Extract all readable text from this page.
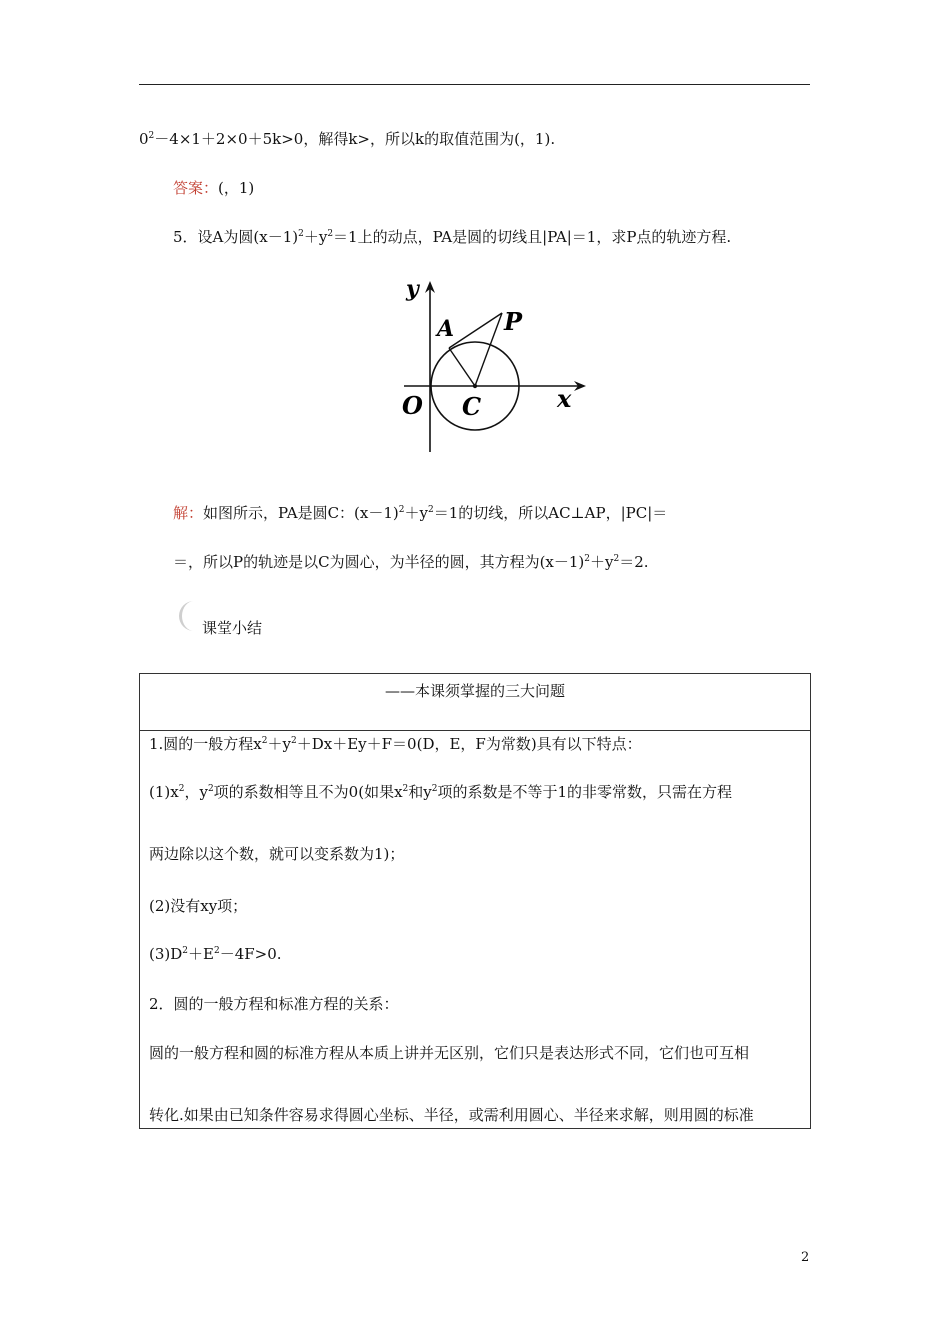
$0^2-4\times 1+2\times 0+5k>0$，解得k>，所以k的取值范围为(，1).
答案：(，1)
5．设A为圆$(x-1)^2+y^2=1$上的动点，PA是圆的切线且|PA|＝1，求P点的轨迹方程.
y
x
O C
A P
解：如图所示，PA是圆C：$(x-1)^2+y^2=1$的切线，所以AC⊥AP，|PC|＝
＝，所以P的轨迹是以C为圆心，为半径的圆，其方程为$(x-1)^2+y^2=2$.
课堂小结
——本课须掌握的三大问题
1.圆的一般方程$x^2+y^2+Dx+Ey+F=0(D$，E，F为常数)具有以下特点：
$(1)x^2$，$y^2$项的系数相等且不为0(如果$x^2$和$y^2$项的系数是不等于1的非零常数，只需在方程
两边除以这个数，就可以变系数为1)；
(2)没有xy项；
$(3)D^2+E^2-4F>0$.
2．圆的一般方程和标准方程的关系：
圆的一般方程和圆的标准方程从本质上讲并无区别，它们只是表达形式不同，它们也可互相
转化.如果由已知条件容易求得圆心坐标、半径，或需利用圆心、半径来求解，则用圆的标准
2
